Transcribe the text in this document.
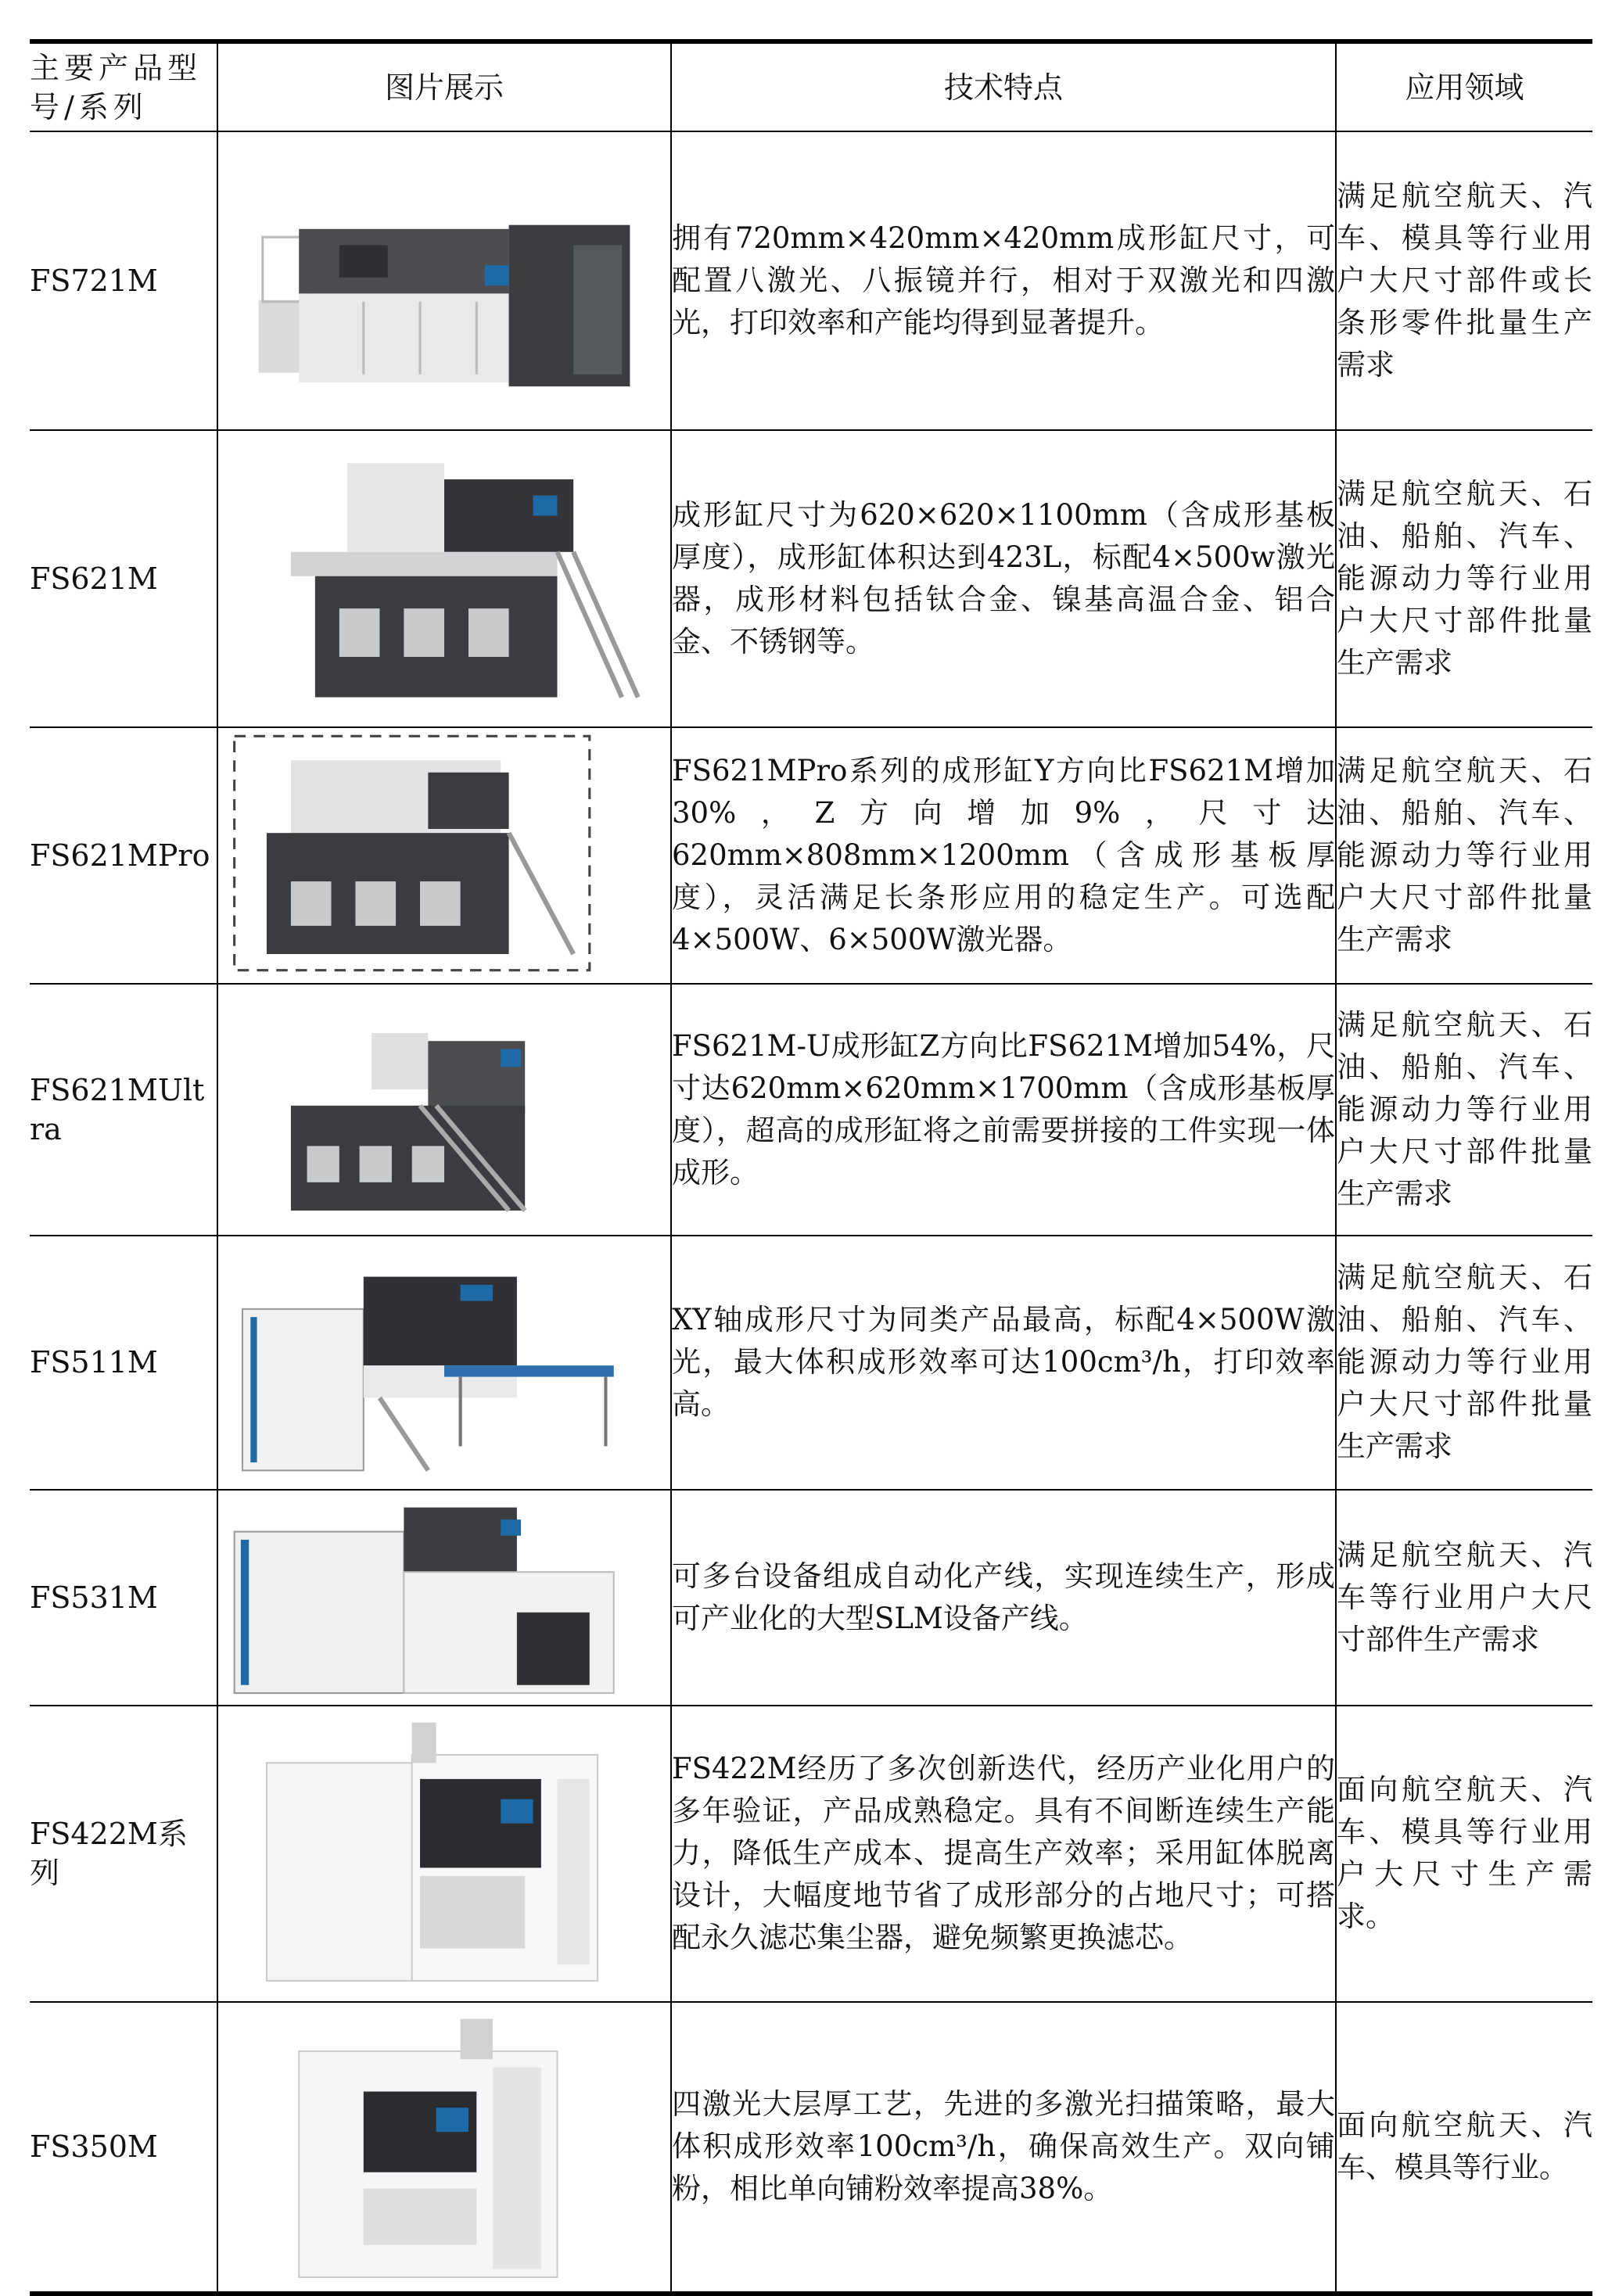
主要产品型号/系列	图片展示	技术特点	应用领域
FS721M		拥有720mm×420mm×420mm成形缸尺寸，可配置八激光、八振镜并行，相对于双激光和四激光，打印效率和产能均得到显著提升。	满足航空航天、汽车、模具等行业用户大尺寸部件或长条形零件批量生产需求
FS621M		成形缸尺寸为620×620×1100mm（含成形基板厚度），成形缸体积达到423L，标配4×500w激光器，成形材料包括钛合金、镍基高温合金、铝合金、不锈钢等。	满足航空航天、石油、船舶、汽车、能源动力等行业用户大尺寸部件批量生产需求
FS621MPro		FS621MPro系列的成形缸Y方向比FS621M增加30%，Z方向增加9%，尺寸达620mm×808mm×1200mm（含成形基板厚度），灵活满足长条形应用的稳定生产。可选配4×500W、6×500W激光器。	满足航空航天、石油、船舶、汽车、能源动力等行业用户大尺寸部件批量生产需求
FS621MUltra		FS621M-U成形缸Z方向比FS621M增加54%，尺寸达620mm×620mm×1700mm（含成形基板厚度），超高的成形缸将之前需要拼接的工件实现一体成形。	满足航空航天、石油、船舶、汽车、能源动力等行业用户大尺寸部件批量生产需求
FS511M		XY轴成形尺寸为同类产品最高，标配4×500W激光，最大体积成形效率可达100cm³/h，打印效率高。	满足航空航天、石油、船舶、汽车、能源动力等行业用户大尺寸部件批量生产需求
FS531M		可多台设备组成自动化产线，实现连续生产，形成可产业化的大型SLM设备产线。	满足航空航天、汽车等行业用户大尺寸部件生产需求
FS422M系列		FS422M经历了多次创新迭代，经历产业化用户的多年验证，产品成熟稳定。具有不间断连续生产能力，降低生产成本、提高生产效率；采用缸体脱离设计，大幅度地节省了成形部分的占地尺寸；可搭配永久滤芯集尘器，避免频繁更换滤芯。	面向航空航天、汽车、模具等行业用户大尺寸生产需求。
FS350M		四激光大层厚工艺，先进的多激光扫描策略，最大体积成形效率100cm³/h，确保高效生产。双向铺粉，相比单向铺粉效率提高38%。	面向航空航天、汽车、模具等行业。
